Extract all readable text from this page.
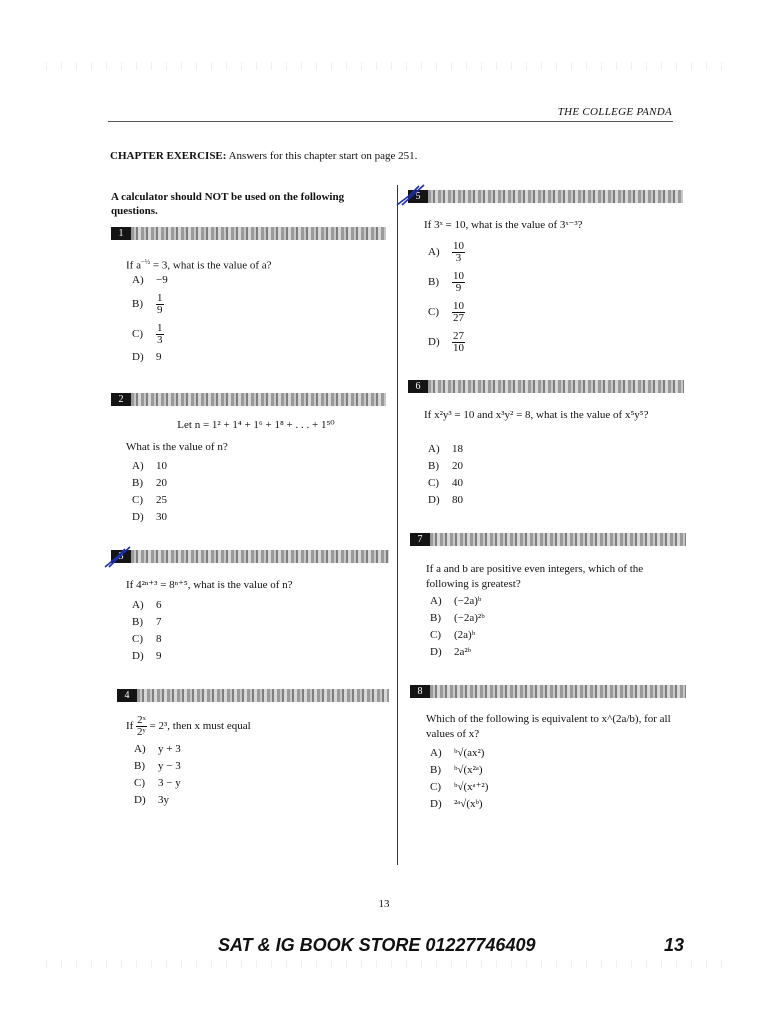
THE COLLEGE PANDA
CHAPTER EXERCISE: Answers for this chapter start on page 251.
A calculator should NOT be used on the following questions.
1
If $a^{-\frac{1}{2}} = 3$, what is the value of a?
A) −9
$B) \frac{1}{9}$
$C) \frac{1}{3}$
D) 9
2
Let n = 1² + 1⁴ + 1⁶ + 1⁸ + . . . + 1⁵⁰
What is the value of n?
A) 10
B) 20
C) 25
D) 30
3
If 4²ⁿ⁺³ = 8ⁿ⁺⁵, what is the value of n?
A) 6
B) 7
C) 8
D) 9
4
If $\frac{\text{2ˣ}}{\text{2ʸ}} = 2^3$, then x must equal
A) y + 3
B) y − 3
C) 3 − y
D) 3y
5
If 3ˣ = 10, what is the value of 3ˣ⁻³?
$A) \frac{10}{3}$
$B) \frac{10}{9}$
$C) \frac{10}{27}$
$D) \frac{27}{10}$
6
If x²y³ = 10 and x³y² = 8, what is the value of x⁵y⁵?
A) 18
B) 20
C) 40
D) 80
7
If a and b are positive even integers, which of the following is greatest?
A) (−2a)ᵇ
B) (−2a)²ᵇ
C) (2a)ᵇ
D) 2a²ᵇ
8
Which of the following is equivalent to x^(2a/b), for all values of x?
A) ᵇ√(ax²)
B) ᵇ√(x²ᵃ)
C) ᵇ√(xᵃ⁺²)
D) ²ᵃ√(xᵇ)
13
SAT & IG BOOK STORE 01227746409	13
